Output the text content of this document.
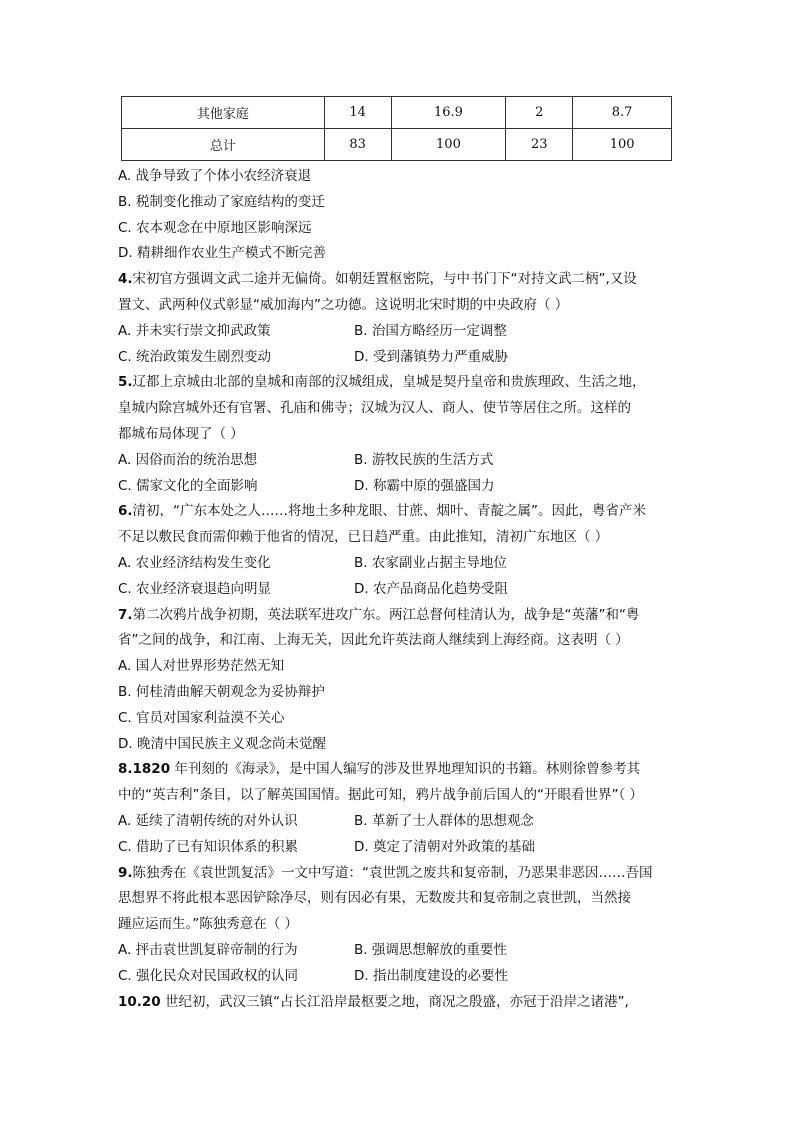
其他家庭	14	16.9	2	8.7
总计	83	100	23	100
A. 战争导致了个体小农经济衰退
B. 税制变化推动了家庭结构的变迁
C. 农本观念在中原地区影响深远
D. 精耕细作农业生产模式不断完善
4.宋初官方强调文武二途并无偏倚。如朝廷置枢密院，与中书门下“对持文武二柄”,又设
置文、武两种仪式彰显“威加海内”之功德。这说明北宋时期的中央政府（ ）
A. 并未实行崇文抑武政策	B. 治国方略经历一定调整
C. 统治政策发生剧烈变动	D. 受到藩镇势力严重威胁
5.辽都上京城由北部的皇城和南部的汉城组成，皇城是契丹皇帝和贵族理政、生活之地，
皇城内除宫城外还有官署、孔庙和佛寺；汉城为汉人、商人、使节等居住之所。这样的
都城布局体现了（ ）
A. 因俗而治的统治思想	B. 游牧民族的生活方式
C. 儒家文化的全面影响	D. 称霸中原的强盛国力
6.清初，“广东本处之人……将地土多种龙眼、甘蔗、烟叶、青靛之属”。因此，粤省产米
不足以敷民食而需仰赖于他省的情况，已日趋严重。由此推知，清初广东地区（ ）
A. 农业经济结构发生变化	B. 农家副业占据主导地位
C. 农业经济衰退趋向明显	D. 农产品商品化趋势受阻
7.第二次鸦片战争初期，英法联军进攻广东。两江总督何桂清认为，战争是“英藩”和“粤
省”之间的战争，和江南、上海无关，因此允许英法商人继续到上海经商。这表明（ ）
A. 国人对世界形势茫然无知
B. 何桂清曲解天朝观念为妥协辩护
C. 官员对国家利益漠不关心
D. 晚清中国民族主义观念尚未觉醒
8.1820 年刊刻的《海录》，是中国人编写的涉及世界地理知识的书籍。林则徐曾参考其
中的“英吉利”条目，以了解英国国情。据此可知，鸦片战争前后国人的“开眼看世界”（ ）
A. 延续了清朝传统的对外认识	B. 革新了士人群体的思想观念
C. 借助了已有知识体系的积累	D. 奠定了清朝对外政策的基础
9.陈独秀在《袁世凯复活》一文中写道：“袁世凯之废共和复帝制，乃恶果非恶因……吾国
思想界不将此根本恶因铲除净尽，则有因必有果，无数废共和复帝制之袁世凯，当然接
踵应运而生。”陈独秀意在（ ）
A. 抨击袁世凯复辟帝制的行为	B. 强调思想解放的重要性
C. 强化民众对民国政权的认同	D. 指出制度建设的必要性
10.20 世纪初，武汉三镇“占长江沿岸最枢要之地，商况之殷盛，亦冠于沿岸之诸港”,
